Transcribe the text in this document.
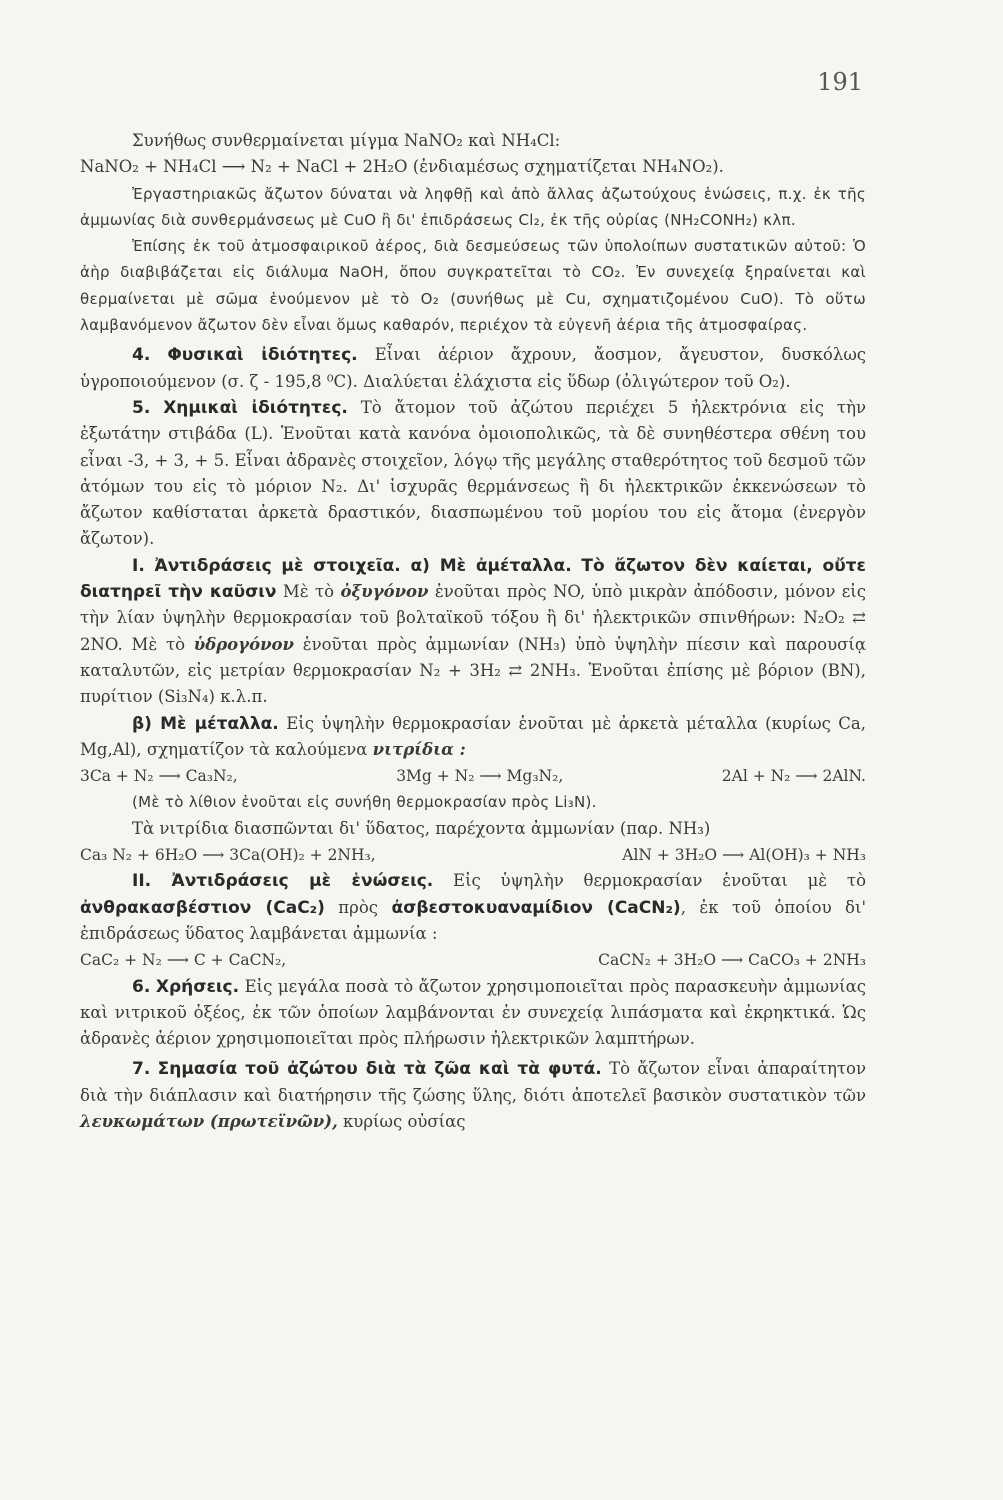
191

Συνήθως συνθερμαίνεται μίγμα NaNO₂ καὶ NH₄Cl:

NaNO₂ + NH₄Cl ⟶ N₂ + NaCl + 2H₂O (ἐνδιαμέσως σχηματίζεται NH₄NO₂).

Ἐργαστηριακῶς ἄζωτον δύναται νὰ ληφθῇ καὶ ἀπὸ ἄλλας ἀζωτούχους ἑνώσεις, π.χ. ἐκ τῆς ἀμμωνίας διὰ συνθερμάνσεως μὲ CuO ἢ δι' ἐπιδράσεως Cl₂, ἐκ τῆς οὐρίας (NH₂CONH₂) κλπ.

Ἐπίσης ἐκ τοῦ ἀτμοσφαιρικοῦ ἀέρος, διὰ δεσμεύσεως τῶν ὑπολοίπων συστατικῶν αὐτοῦ: Ὁ ἀὴρ διαβιβάζεται εἰς διάλυμα NaOH, ὅπου συγκρατεῖται τὸ CO₂. Ἐν συνεχείᾳ ξηραίνεται καὶ θερμαίνεται μὲ σῶμα ἑνούμενον μὲ τὸ O₂ (συνήθως μὲ Cu, σχηματιζομένου CuO). Τὸ οὕτω λαμβανόμενον ἄζωτον δὲν εἶναι ὅμως καθαρόν, περιέχον τὰ εὐγενῆ ἀέρια τῆς ἀτμοσφαίρας.

4. Φυσικαὶ ἰδιότητες. Εἶναι ἀέριον ἄχρουν, ἄοσμον, ἄγευστον, δυσκόλως ὑγροποιούμενον (σ. ζ - 195,8 ⁰C). Διαλύεται ἐλάχιστα εἰς ὕδωρ (ὀλιγώτερον τοῦ O₂).

5. Χημικαὶ ἰδιότητες. Τὸ ἄτομον τοῦ ἀζώτου περιέχει 5 ἠλεκτρόνια εἰς τὴν ἐξωτάτην στιβάδα (L). Ἑνοῦται κατὰ κανόνα ὁμοιοπολικῶς, τὰ δὲ συνηθέστερα σθένη του εἶναι -3, + 3, + 5. Εἶναι ἀδρανὲς στοιχεῖον, λόγῳ τῆς μεγάλης σταθερότητος τοῦ δεσμοῦ τῶν ἀτόμων του εἰς τὸ μόριον N₂. Δι' ἰσχυρᾶς θερμάνσεως ἢ δι ἠλεκτρικῶν ἐκκενώσεων τὸ ἄζωτον καθίσταται ἀρκετὰ δραστικόν, διασπωμένου τοῦ μορίου του εἰς ἄτομα (ἐνεργὸν ἄζωτον).

I. Ἀντιδράσεις μὲ στοιχεῖα. α) Μὲ ἀμέταλλα. Τὸ ἄζωτον δὲν καίεται, οὔτε διατηρεῖ τὴν καῦσιν Μὲ τὸ ὀξυγόνον ἑνοῦται πρὸς NO, ὑπὸ μικρὰν ἀπόδοσιν, μόνον εἰς τὴν λίαν ὑψηλὴν θερμοκρασίαν τοῦ βολταϊκοῦ τόξου ἢ δι' ἠλεκτρικῶν σπινθήρων: N₂O₂ ⇄ 2NO. Μὲ τὸ ὑδρογόνον ἑνοῦται πρὸς ἀμμωνίαν (NH₃) ὑπὸ ὑψηλὴν πίεσιν καὶ παρουσίᾳ καταλυτῶν, εἰς μετρίαν θερμοκρασίαν N₂ + 3H₂ ⇄ 2NH₃. Ἑνοῦται ἐπίσης μὲ βόριον (BN), πυρίτιον (Si₃N₄) κ.λ.π.

β) Μὲ μέταλλα. Εἰς ὑψηλὴν θερμοκρασίαν ἑνοῦται μὲ ἀρκετὰ μέταλλα (κυρίως Ca, Mg,Al), σχηματίζον τὰ καλούμενα νιτρίδια :

3Ca + N₂ ⟶ Ca₃N₂,	3Mg + N₂ ⟶ Mg₃N₂,	2Al + N₂ ⟶ 2AlN.

(Μὲ τὸ λίθιον ἑνοῦται εἰς συνήθη θερμοκρασίαν πρὸς Li₃N).

Τὰ νιτρίδια διασπῶνται δι' ὕδατος, παρέχοντα ἀμμωνίαν (παρ. NH₃)

Ca₃ N₂ + 6H₂O ⟶ 3Ca(OH)₂ + 2NH₃,	AlN + 3H₂O ⟶ Al(OH)₃ + NH₃

II. Ἀντιδράσεις μὲ ἑνώσεις. Εἰς ὑψηλὴν θερμοκρασίαν ἑνοῦται μὲ τὸ ἀνθρακασβέστιον (CaC₂) πρὸς ἀσβεστοκυαναμίδιον (CaCN₂), ἐκ τοῦ ὁποίου δι' ἐπιδράσεως ὕδατος λαμβάνεται ἀμμωνία :

CaC₂ + N₂ ⟶ C + CaCN₂,	CaCN₂ + 3H₂O ⟶ CaCO₃ + 2NH₃

6. Χρήσεις. Εἰς μεγάλα ποσὰ τὸ ἄζωτον χρησιμοποιεῖται πρὸς παρασκευὴν ἀμμωνίας καὶ νιτρικοῦ ὀξέος, ἐκ τῶν ὁποίων λαμβάνονται ἐν συνεχείᾳ λιπάσματα καὶ ἐκρηκτικά. Ὡς ἀδρανὲς ἀέριον χρησιμοποιεῖται πρὸς πλήρωσιν ἠλεκτρικῶν λαμπτήρων.

7. Σημασία τοῦ ἀζώτου διὰ τὰ ζῶα καὶ τὰ φυτά. Τὸ ἄζωτον εἶναι ἀπαραίτητον διὰ τὴν διάπλασιν καὶ διατήρησιν τῆς ζώσης ὕλης, διότι ἀποτελεῖ βασικὸν συστατικὸν τῶν λευκωμάτων (πρωτεϊνῶν), κυρίως οὐσίας
